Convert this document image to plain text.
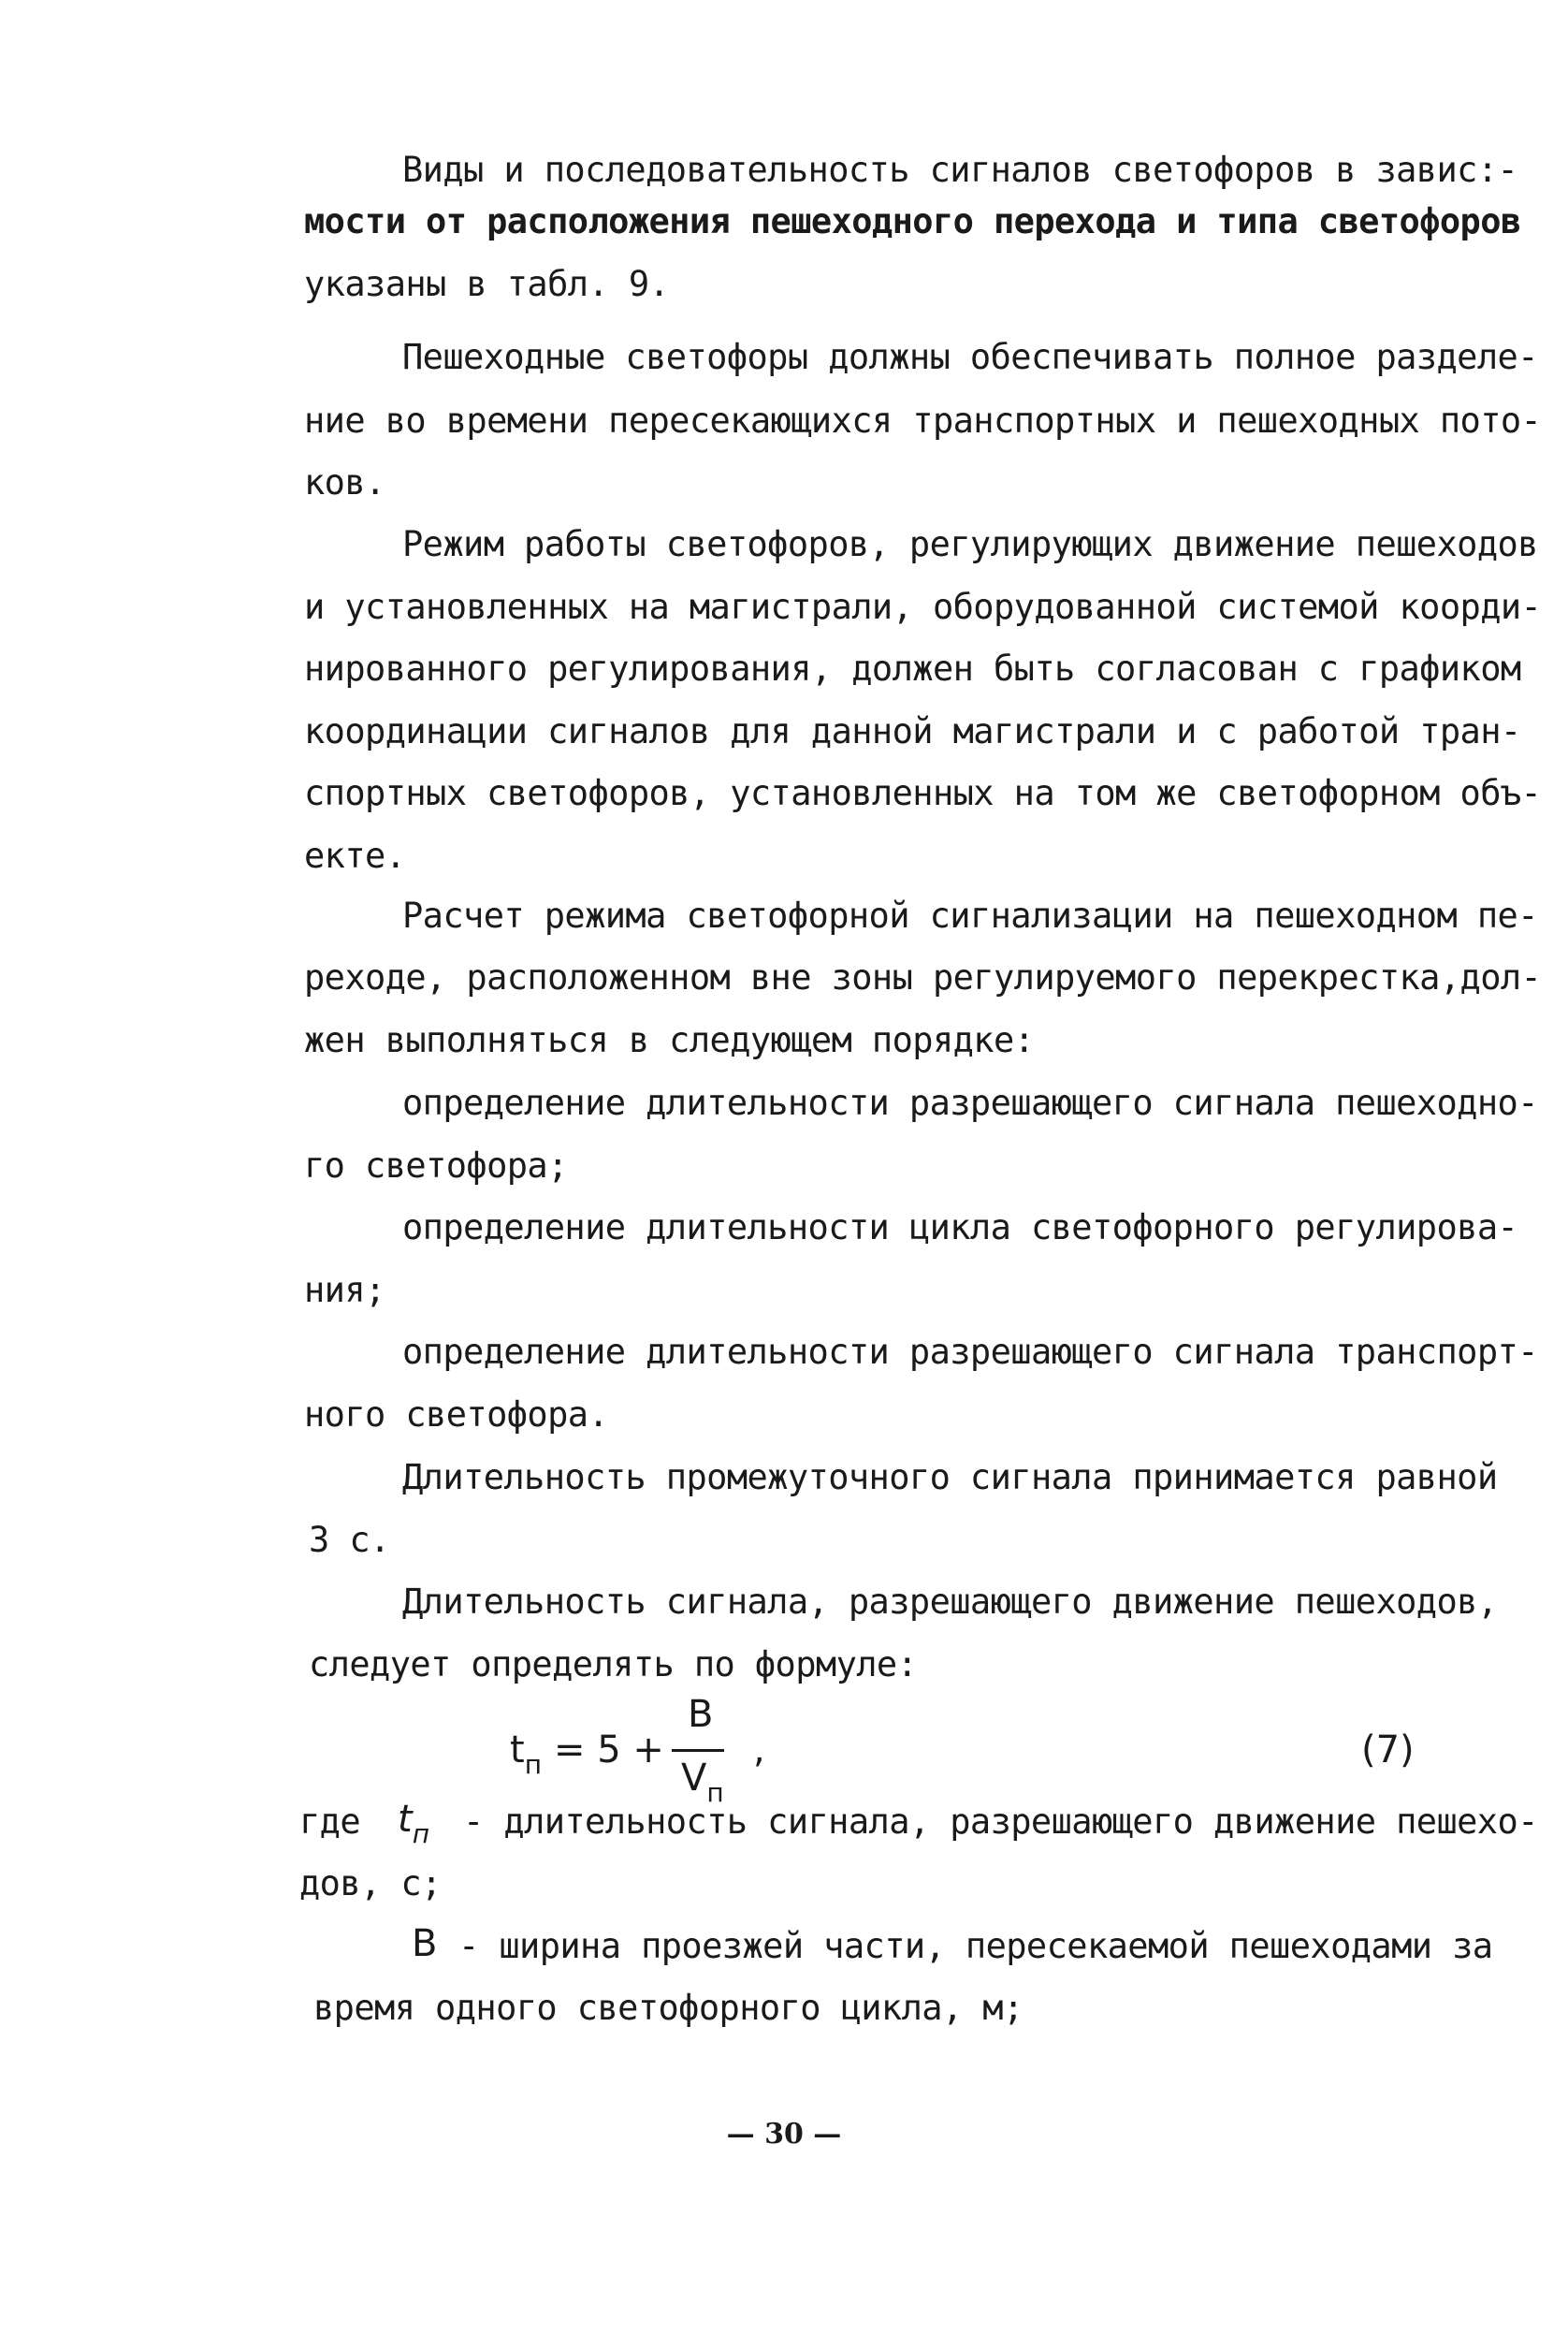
Виды и последовательность сигналов светофоров в завис:-

мости от расположения пешеходного перехода и типа светофоров

указаны в табл. 9.

Пешеходные светофоры должны обеспечивать полное разделе-

ние во времени пересекающихся транспортных и пешеходных пото-

ков.

Режим работы светофоров, регулирующих движение пешеходов

и установленных на магистрали, оборудованной системой коорди-

нированного регулирования, должен быть согласован с графиком

координации сигналов для данной магистрали и с работой тран-

спортных светофоров, установленных на том же светофорном объ-

екте.

Расчет режима светофорной сигнализации на пешеходном пе-

реходе, расположенном вне зоны регулируемого перекрестка,дол-

жен выполняться в следующем порядке:

определение длительности разрешающего сигнала пешеходно-

го светофора;

определение длительности цикла светофорного регулирова-

ния;

определение длительности разрешающего сигнала транспорт-

ного светофора.

Длительность промежуточного сигнала принимается равной

3 с.

Длительность сигнала, разрешающего движение пешеходов,

следует определять по формуле:

$t_п = 5$ +
B
$V_п$
,	(7)

где $t_п$ - длительность сигнала, разрешающего движение пешехо-

дов, с;

B - ширина проезжей части, пересекаемой пешеходами за

время одного светофорного цикла, м;

— 30 —
